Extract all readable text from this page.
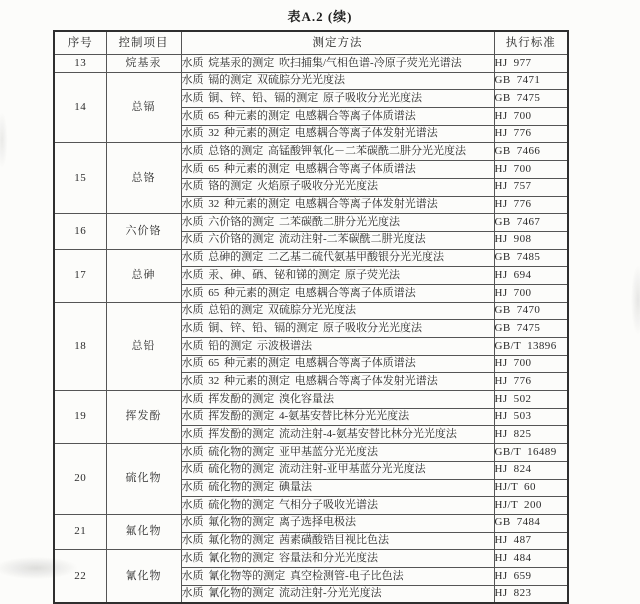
表A.2 (续)
序号	控制项目	测定方法	执行标准
13	烷基汞	水质 烷基汞的测定 吹扫捕集/气相色谱-冷原子荧光光谱法	HJ 977
14	总镉	水质 镉的测定 双硫腙分光光度法	GB 7471
		水质 铜、锌、铅、镉的测定 原子吸收分光光度法	GB 7475
		水质 65 种元素的测定 电感耦合等离子体质谱法	HJ 700
		水质 32 种元素的测定 电感耦合等离子体发射光谱法	HJ 776
15	总铬	水质 总铬的测定 高锰酸钾氧化－二苯碳酰二肼分光光度法	GB 7466
		水质 65 种元素的测定 电感耦合等离子体质谱法	HJ 700
		水质 铬的测定 火焰原子吸收分光光度法	HJ 757
		水质 32 种元素的测定 电感耦合等离子体发射光谱法	HJ 776
16	六价铬	水质 六价铬的测定 二苯碳酰二肼分光光度法	GB 7467
		水质 六价铬的测定 流动注射-二苯碳酰二肼光度法	HJ 908
17	总砷	水质 总砷的测定 二乙基二硫代氨基甲酸银分光光度法	GB 7485
		水质 汞、砷、硒、铋和锑的测定 原子荧光法	HJ 694
		水质 65 种元素的测定 电感耦合等离子体质谱法	HJ 700
18	总铅	水质 总铅的测定 双硫腙分光光度法	GB 7470
		水质 铜、锌、铅、镉的测定 原子吸收分光光度法	GB 7475
		水质 铅的测定 示波极谱法	GB/T 13896
		水质 65 种元素的测定 电感耦合等离子体质谱法	HJ 700
		水质 32 种元素的测定 电感耦合等离子体发射光谱法	HJ 776
19	挥发酚	水质 挥发酚的测定 溴化容量法	HJ 502
		水质 挥发酚的测定 4-氨基安替比林分光光度法	HJ 503
		水质 挥发酚的测定 流动注射-4-氨基安替比林分光光度法	HJ 825
20	硫化物	水质 硫化物的测定 亚甲基蓝分光光度法	GB/T 16489
		水质 硫化物的测定 流动注射-亚甲基蓝分光光度法	HJ 824
		水质 硫化物的测定 碘量法	HJ/T 60
		水质 硫化物的测定 气相分子吸收光谱法	HJ/T 200
21	氟化物	水质 氟化物的测定 离子选择电极法	GB 7484
		水质 氟化物的测定 茜素磺酸锆目视比色法	HJ 487
22	氰化物	水质 氰化物的测定 容量法和分光光度法	HJ 484
		水质 氰化物等的测定 真空检测管-电子比色法	HJ 659
		水质 氰化物的测定 流动注射-分光光度法	HJ 823
